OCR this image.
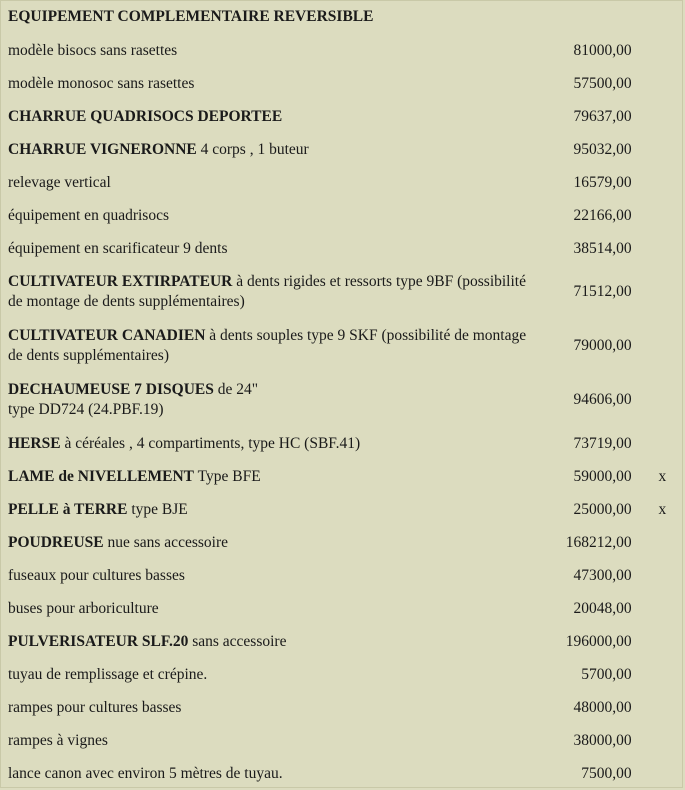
EQUIPEMENT COMPLEMENTAIRE REVERSIBLE		
modèle bisocs sans rasettes	81000,00	
modèle monosoc sans rasettes	57500,00	
CHARRUE QUADRISOCS DEPORTEE	79637,00	
CHARRUE VIGNERONNE 4 corps , 1 buteur	95032,00	
relevage vertical	16579,00	
équipement en quadrisocs	22166,00	
équipement en scarificateur 9 dents	38514,00	
CULTIVATEUR EXTIRPATEUR à dents rigides et ressorts type 9BF (possibilité de montage de dents supplémentaires)	71512,00	
CULTIVATEUR CANADIEN à dents souples type 9 SKF (possibilité de montage de dents supplémentaires)	79000,00	
DECHAUMEUSE 7 DISQUES de 24"
type DD724 (24.PBF.19)	94606,00	
HERSE à céréales , 4 compartiments, type HC (SBF.41)	73719,00	
LAME de NIVELLEMENT Type BFE	59000,00	x
PELLE à TERRE type BJE	25000,00	x
POUDREUSE nue sans accessoire	168212,00	
fuseaux pour cultures basses	47300,00	
buses pour arboriculture	20048,00	
PULVERISATEUR SLF.20 sans accessoire	196000,00	
tuyau de remplissage et crépine.	5700,00	
rampes pour cultures basses	48000,00	
rampes à vignes	38000,00	
lance canon avec environ 5 mètres de tuyau.	7500,00	
